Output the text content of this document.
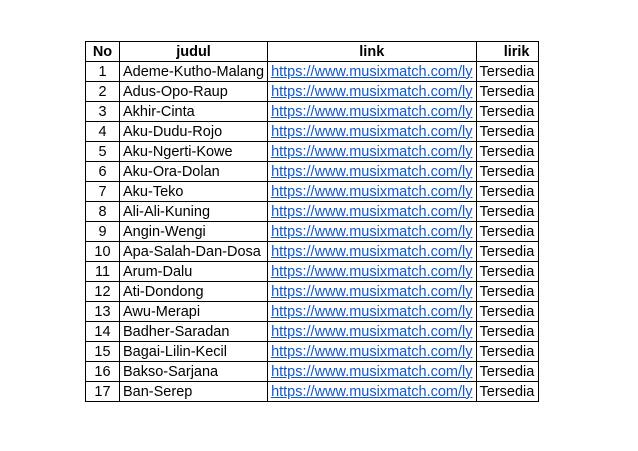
No	judul	link	lirik
1	Ademe-Kutho-Malang	https://www.musixmatch.com/ly	Tersedia
2	Adus-Opo-Raup	https://www.musixmatch.com/ly	Tersedia
3	Akhir-Cinta	https://www.musixmatch.com/ly	Tersedia
4	Aku-Dudu-Rojo	https://www.musixmatch.com/ly	Tersedia
5	Aku-Ngerti-Kowe	https://www.musixmatch.com/ly	Tersedia
6	Aku-Ora-Dolan	https://www.musixmatch.com/ly	Tersedia
7	Aku-Teko	https://www.musixmatch.com/ly	Tersedia
8	Ali-Ali-Kuning	https://www.musixmatch.com/ly	Tersedia
9	Angin-Wengi	https://www.musixmatch.com/ly	Tersedia
10	Apa-Salah-Dan-Dosa	https://www.musixmatch.com/ly	Tersedia
11	Arum-Dalu	https://www.musixmatch.com/ly	Tersedia
12	Ati-Dondong	https://www.musixmatch.com/ly	Tersedia
13	Awu-Merapi	https://www.musixmatch.com/ly	Tersedia
14	Badher-Saradan	https://www.musixmatch.com/ly	Tersedia
15	Bagai-Lilin-Kecil	https://www.musixmatch.com/ly	Tersedia
16	Bakso-Sarjana	https://www.musixmatch.com/ly	Tersedia
17	Ban-Serep	https://www.musixmatch.com/ly	Tersedia
